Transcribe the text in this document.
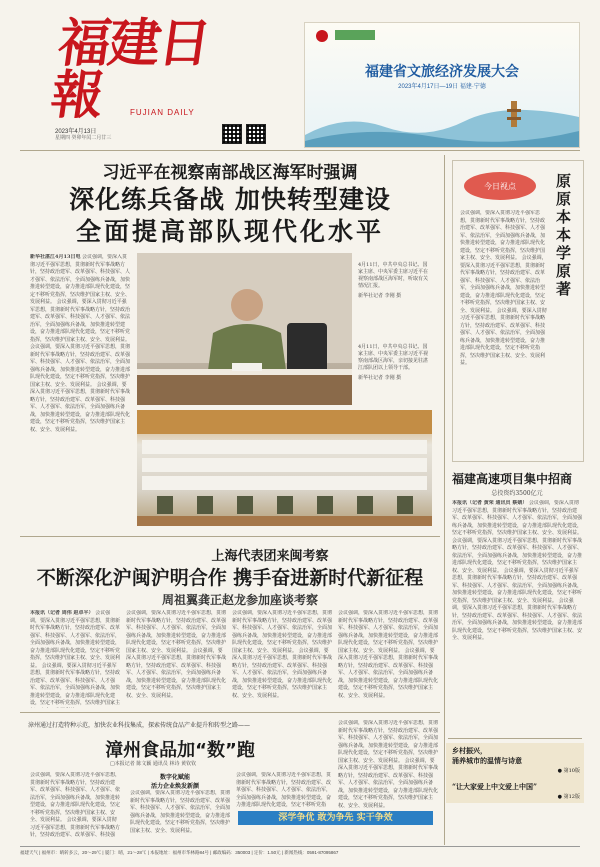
福建日報	FUJIAN DAILY
2023年4月13日
星期四 癸卯年闰二月廿三
福建省文旅经济发展大会
2023年4月17日—19日 福建·宁德
习近平在视察南部战区海军时强调
深化练兵备战 加快转型建设
全面提高部队现代化水平
新华社湛江4月13日电 会议强调，要深入贯彻习近平强军思想，贯彻新时代军事战略方针，坚持政治建军、改革强军、科技强军、人才强军、依法治军，全面加强练兵备战，加快推进转型建设，奋力推进部队现代化建设，坚定不移听党指挥，坚决维护国家主权、安全、发展利益。 会议强调，要深入贯彻习近平强军思想，贯彻新时代军事战略方针，坚持政治建军、改革强军、科技强军、人才强军、依法治军，全面加强练兵备战，加快推进转型建设，奋力推进部队现代化建设，坚定不移听党指挥，坚决维护国家主权、安全、发展利益。 会议强调，要深入贯彻习近平强军思想，贯彻新时代军事战略方针，坚持政治建军、改革强军、科技强军、人才强军、依法治军，全面加强练兵备战，加快推进转型建设，奋力推进部队现代化建设，坚定不移听党指挥，坚决维护国家主权、安全、发展利益。 会议强调，要深入贯彻习近平强军思想，贯彻新时代军事战略方针，坚持政治建军、改革强军、科技强军、人才强军、依法治军，全面加强练兵备战，加快推进转型建设，奋力推进部队现代化建设，坚定不移听党指挥，坚决维护国家主权、安全、发展利益。
4月11日，中共中央总书记、国家主席、中央军委主席习近平在视察南部战区海军时，听取有关情况汇报。
新华社记者 李刚 摄
4月11日，中共中央总书记、国家主席、中央军委主席习近平视察南部战区海军，亲切接见驻湛江部队团以上领导干部。
新华社记者 李刚 摄
今日视点	原原本本学原著
会议强调，要深入贯彻习近平强军思想，贯彻新时代军事战略方针，坚持政治建军、改革强军、科技强军、人才强军、依法治军，全面加强练兵备战，加快推进转型建设，奋力推进部队现代化建设，坚定不移听党指挥，坚决维护国家主权、安全、发展利益。 会议强调，要深入贯彻习近平强军思想，贯彻新时代军事战略方针，坚持政治建军、改革强军、科技强军、人才强军、依法治军，全面加强练兵备战，加快推进转型建设，奋力推进部队现代化建设，坚定不移听党指挥，坚决维护国家主权、安全、发展利益。 会议强调，要深入贯彻习近平强军思想，贯彻新时代军事战略方针，坚持政治建军、改革强军、科技强军、人才强军、依法治军，全面加强练兵备战，加快推进转型建设，奋力推进部队现代化建设，坚定不移听党指挥，坚决维护国家主权、安全、发展利益。
福建高速项目集中招商
总投资约3500亿元
本报讯（记者 黄荣 通讯员 蔡婧） 会议强调，要深入贯彻习近平强军思想，贯彻新时代军事战略方针，坚持政治建军、改革强军、科技强军、人才强军、依法治军，全面加强练兵备战，加快推进转型建设，奋力推进部队现代化建设，坚定不移听党指挥，坚决维护国家主权、安全、发展利益。 会议强调，要深入贯彻习近平强军思想，贯彻新时代军事战略方针，坚持政治建军、改革强军、科技强军、人才强军、依法治军，全面加强练兵备战，加快推进转型建设，奋力推进部队现代化建设，坚定不移听党指挥，坚决维护国家主权、安全、发展利益。 会议强调，要深入贯彻习近平强军思想，贯彻新时代军事战略方针，坚持政治建军、改革强军、科技强军、人才强军、依法治军，全面加强练兵备战，加快推进转型建设，奋力推进部队现代化建设，坚定不移听党指挥，坚决维护国家主权、安全、发展利益。 会议强调，要深入贯彻习近平强军思想，贯彻新时代军事战略方针，坚持政治建军、改革强军、科技强军、人才强军、依法治军，全面加强练兵备战，加快推进转型建设，奋力推进部队现代化建设，坚定不移听党指挥，坚决维护国家主权、安全、发展利益。
上海代表团来闽考察
不断深化沪闽沪明合作 携手奋进新时代新征程
周祖翼龚正赵龙参加座谈考察
本报讯（记者 周伟 赵卓平） 会议强调，要深入贯彻习近平强军思想，贯彻新时代军事战略方针，坚持政治建军、改革强军、科技强军、人才强军、依法治军，全面加强练兵备战，加快推进转型建设，奋力推进部队现代化建设，坚定不移听党指挥，坚决维护国家主权、安全、发展利益。 会议强调，要深入贯彻习近平强军思想，贯彻新时代军事战略方针，坚持政治建军、改革强军、科技强军、人才强军、依法治军，全面加强练兵备战，加快推进转型建设，奋力推进部队现代化建设，坚定不移听党指挥，坚决维护国家主
会议强调，要深入贯彻习近平强军思想，贯彻新时代军事战略方针，坚持政治建军、改革强军、科技强军、人才强军、依法治军，全面加强练兵备战，加快推进转型建设，奋力推进部队现代化建设，坚定不移听党指挥，坚决维护国家主权、安全、发展利益。 会议强调，要深入贯彻习近平强军思想，贯彻新时代军事战略方针，坚持政治建军、改革强军、科技强军、人才强军、依法治军，全面加强练兵备战，加快推进转型建设，奋力推进部队现代化建设，坚定不移听党指挥，坚决维护国家主权、安全、发展利益。
会议强调，要深入贯彻习近平强军思想，贯彻新时代军事战略方针，坚持政治建军、改革强军、科技强军、人才强军、依法治军，全面加强练兵备战，加快推进转型建设，奋力推进部队现代化建设，坚定不移听党指挥，坚决维护国家主权、安全、发展利益。 会议强调，要深入贯彻习近平强军思想，贯彻新时代军事战略方针，坚持政治建军、改革强军、科技强军、人才强军、依法治军，全面加强练兵备战，加快推进转型建设，奋力推进部队现代化建设，坚定不移听党指挥，坚决维护国家主权、安全、发展利益。
会议强调，要深入贯彻习近平强军思想，贯彻新时代军事战略方针，坚持政治建军、改革强军、科技强军、人才强军、依法治军，全面加强练兵备战，加快推进转型建设，奋力推进部队现代化建设，坚定不移听党指挥，坚决维护国家主权、安全、发展利益。 会议强调，要深入贯彻习近平强军思想，贯彻新时代军事战略方针，坚持政治建军、改革强军、科技强军、人才强军、依法治军，全面加强练兵备战，加快推进转型建设，奋力推进部队现代化建设，坚定不移听党指挥，坚决维护国家主权、安全、发展利益。
漳州通过打造特种示范，加快农业科技集成，探索传统食品产业提升和转型之路——
漳州食品加“数”跑
□本报记者 陈文颖 通讯员 林诗 黄钦钦
会议强调，要深入贯彻习近平强军思想，贯彻新时代军事战略方针，坚持政治建军、改革强军、科技强军、人才强军、依法治军，全面加强练兵备战，加快推进转型建设，奋力推进部队现代化建设，坚定不移听党指挥，坚决维护国家主权、安全、发展利益。 会议强调，要深入贯彻习近平强军思想，贯彻新时代军事战略方针，坚持政治建军、改革强军、科技强
数字化赋能
活力企业焕发新颜
会议强调，要深入贯彻习近平强军思想，贯彻新时代军事战略方针，坚持政治建军、改革强军、科技强军、人才强军、依法治军，全面加强练兵备战，加快推进转型建设，奋力推进部队现代化建设，坚定不移听党指挥，坚决维护国家主权、安全、发展利益。
会议强调，要深入贯彻习近平强军思想，贯彻新时代军事战略方针，坚持政治建军、改革强军、科技强军、人才强军、依法治军，全面加强练兵备战，加快推进转型建设，奋力推进部队现代化建设，坚定不移听党指
会议强调，要深入贯彻习近平强军思想，贯彻新时代军事战略方针，坚持政治建军、改革强军、科技强军、人才强军、依法治军，全面加强练兵备战，加快推进转型建设，奋力推进部队现代化建设，坚定不移听党指挥，坚决维护国家主权、安全、发展利益。 会议强调，要深入贯彻习近平强军思想，贯彻新时代军事战略方针，坚持政治建军、改革强军、科技强军、人才强军、依法治军，全面加强练兵备战，加快推进转型建设，奋力推进部队现代化建设，坚定不移听党指挥，坚决维护国家主权、安全、发展利益。
深学争优 敢为争先 实干争效
乡村振兴，
涌养城市的温情与诗意
● 第10版
“让大家爱上中文爱上中国”
● 第12版
福建天气 | 福州市：晴转多云，20～29℃ | 厦门：晴，21～28℃ | 本报地址：福州市华林路84号 | 邮政编码：350003 | 定价：1.50元 | 新闻热线：0591-87095867
